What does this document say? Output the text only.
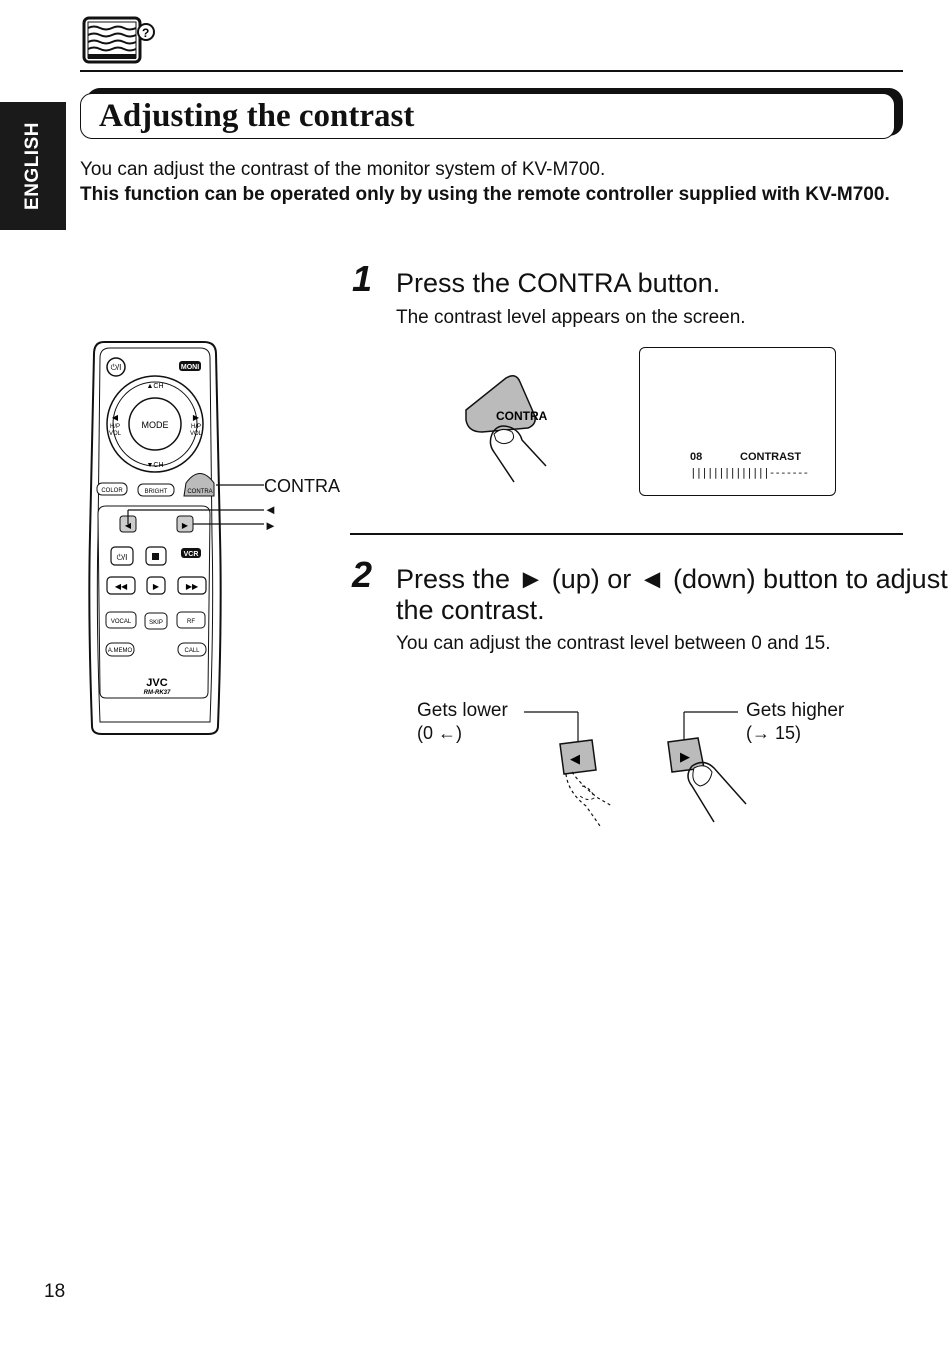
?
ENGLISH
Adjusting the contrast
You can adjust the contrast of the monitor system of KV-M700.
This function can be operated only by using the remote controller supplied with KV-M700.
⏻/I	MONI
MODE
▲CH
▼CH
◀
H/P
VOL
▶
H/P
VOL
COLOR	BRIGHT	CONTRA
◀	▶
⏻/I	VCR
◀◀	▶	▶▶
VOCAL	SKIP	RF
A.MEMO	CALL
JVC
RM-RK37
CONTRA
◄
►
1 Press the CONTRA button.
The contrast level appears on the screen.
CONTRA
08	CONTRAST
||||||||||||||-------
2 Press the ► (up) or ◄ (down) button to adjust
the contrast.
You can adjust the contrast level between 0 and 15.
Gets lower
(0 ←)
Gets higher
(→ 15)
◀	▶
18
